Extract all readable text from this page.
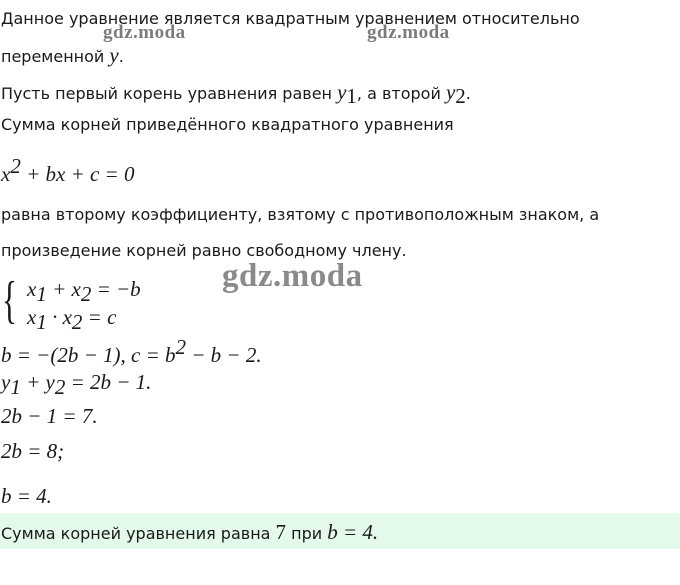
gdz.moda	gdz.moda
gdz.moda
Данное уравнение является квадратным уравнением относительно
переменной y.
Пусть первый корень уравнения равен $y_1$, а второй $y_2$.
Сумма корней приведённого квадратного уравнения
$x^2$ + bx + c = 0
равна второму коэффициенту, взятому с противоположным знаком, а
произведение корней равно свободному члену.
{ $x_1 + x_2 = -b$
$x_1 \cdot x_2 = c$
b = −(2b − 1), $c = b^2 - b - 2$.
$y_1 + y_2 = 2b - 1$.
2b − 1 = 7.
2b = 8;
b = 4.
Сумма корней уравнения равна 7 при b = 4.
